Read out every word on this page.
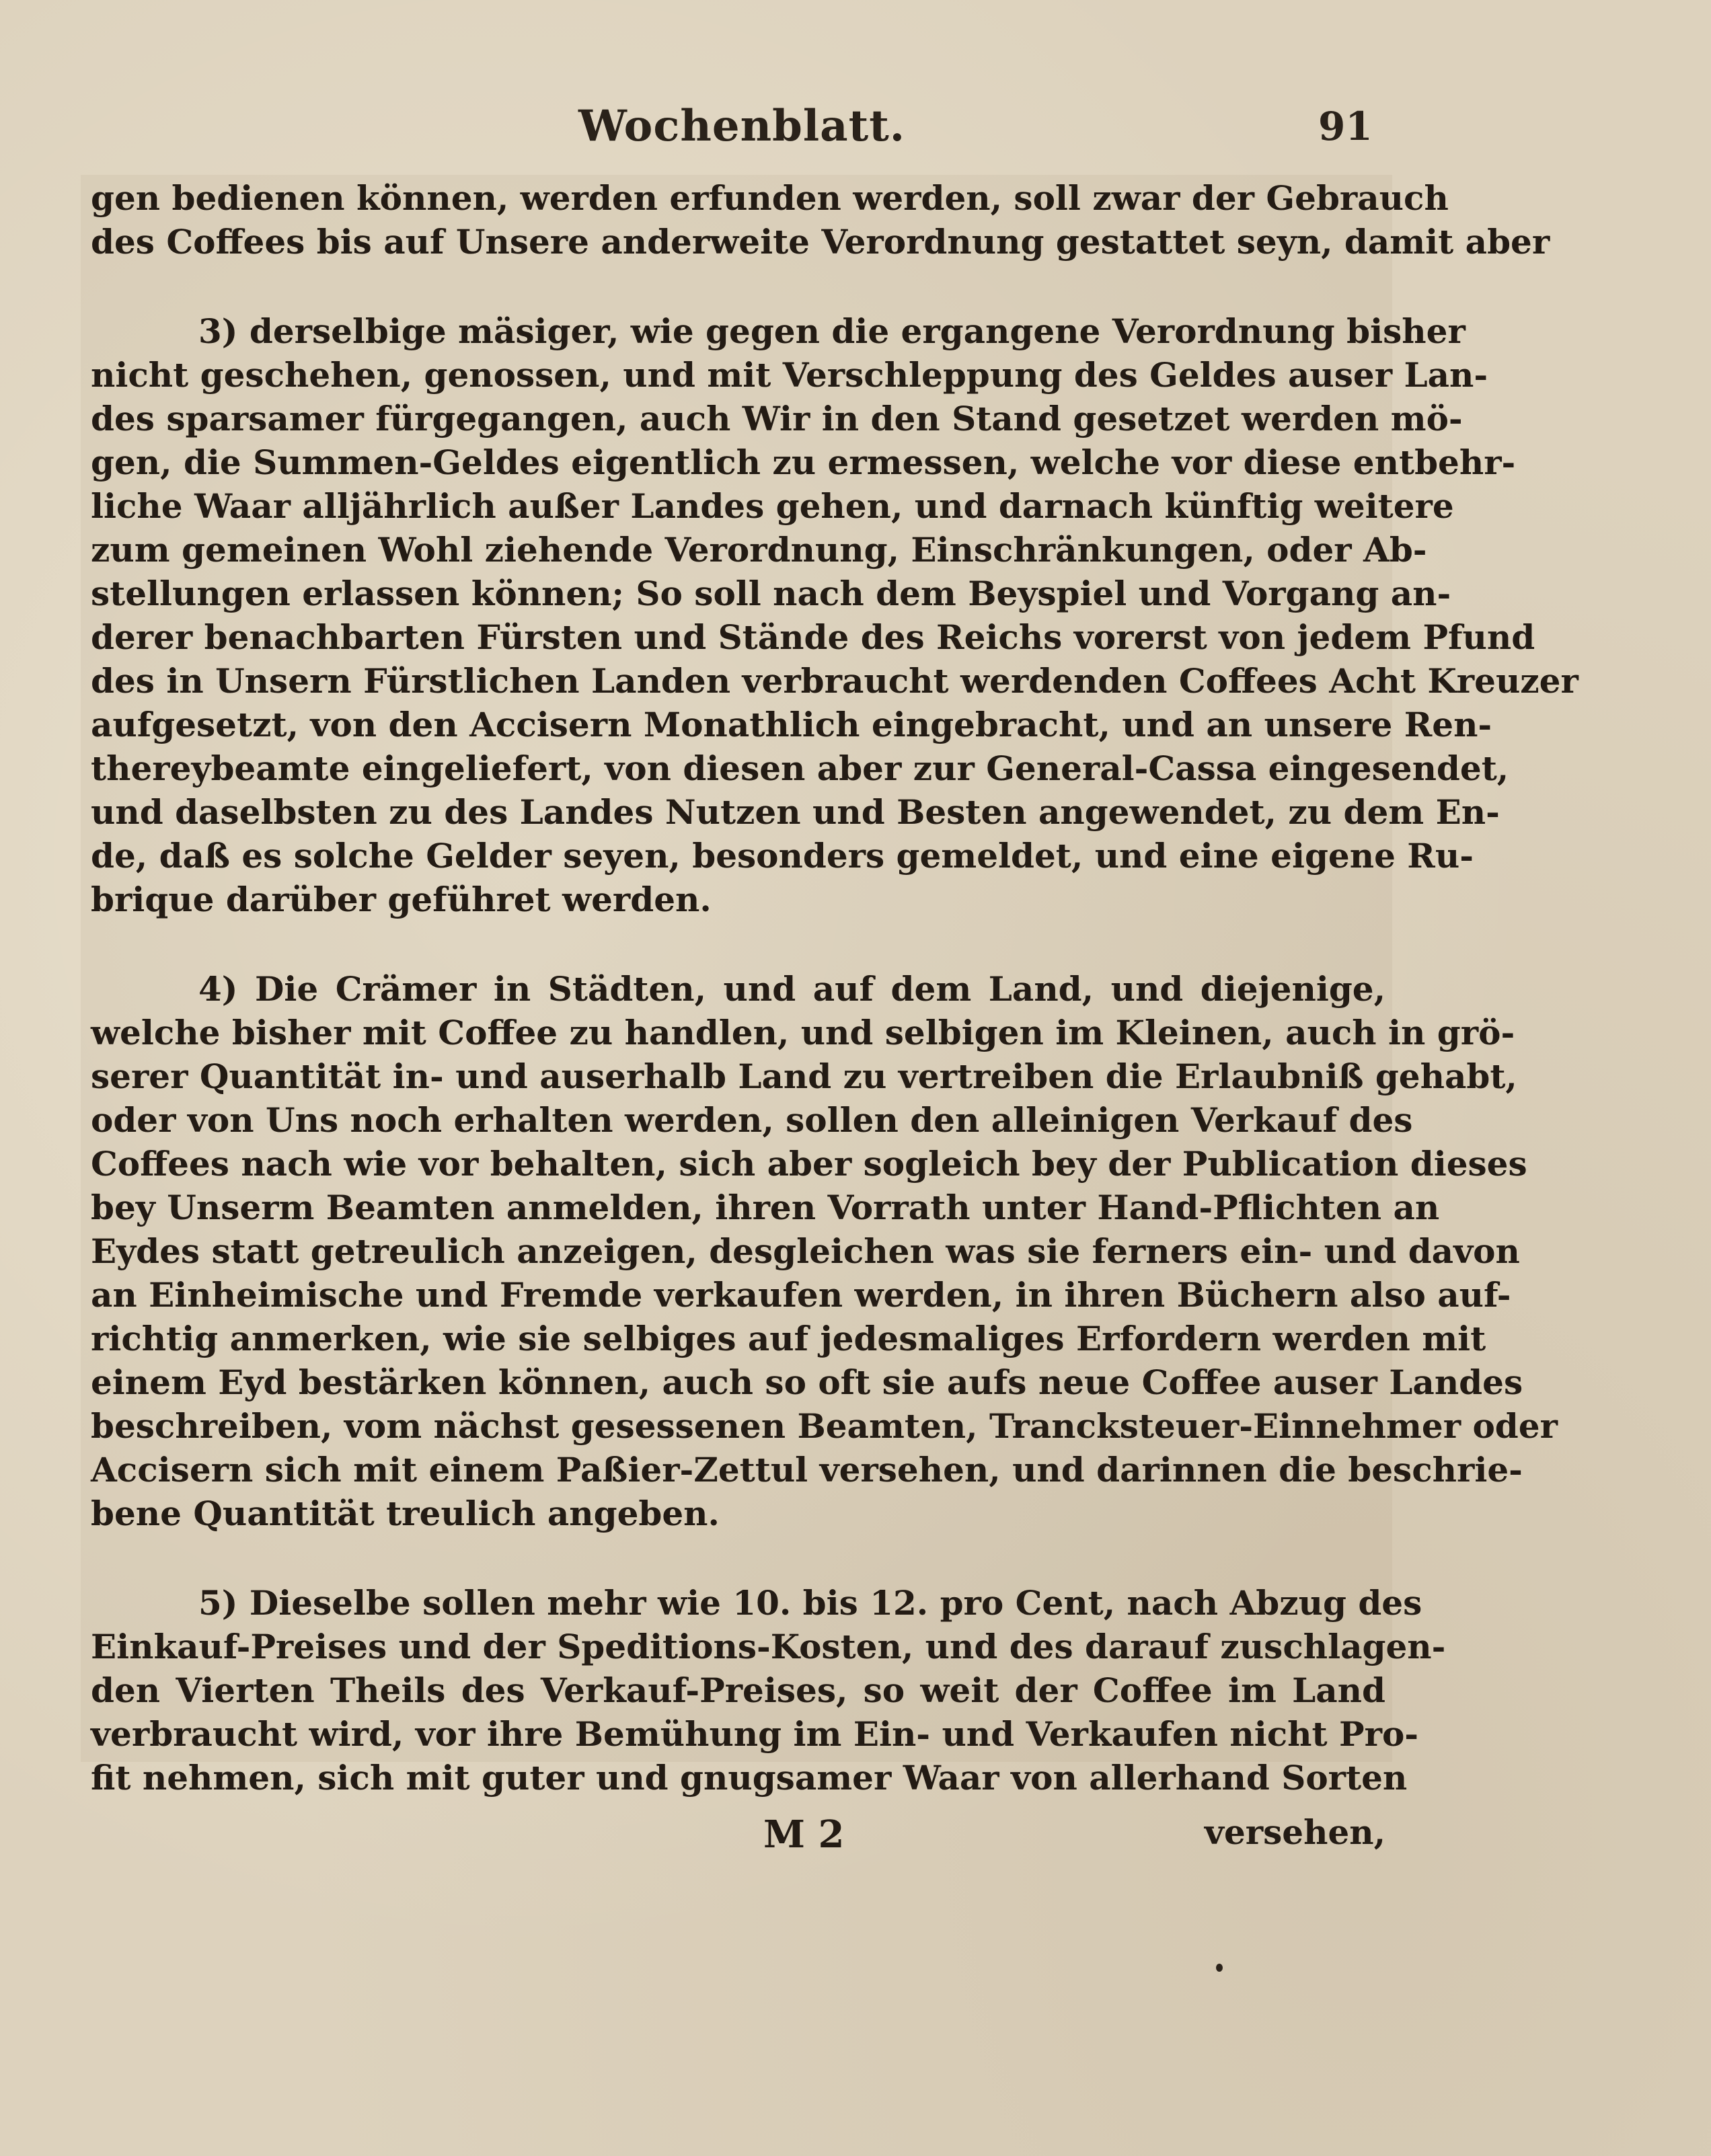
Wochenblatt.	91
gen bedienen können, werden erfunden werden, soll zwar der Gebrauch
des Coffees bis auf Unsere anderweite Verordnung gestattet seyn, damit aber
3) derselbige mäsiger, wie gegen die ergangene Verordnung bisher
nicht geschehen, genossen, und mit Verschleppung des Geldes auser Lan-
des sparsamer fürgegangen, auch Wir in den Stand gesetzet werden mö-
gen, die Summen-Geldes eigentlich zu ermessen, welche vor diese entbehr-
liche Waar alljährlich außer Landes gehen, und darnach künftig weitere
zum gemeinen Wohl ziehende Verordnung, Einschränkungen, oder Ab-
stellungen erlassen können; So soll nach dem Beyspiel und Vorgang an-
derer benachbarten Fürsten und Stände des Reichs vorerst von jedem Pfund
des in Unsern Fürstlichen Landen verbraucht werdenden Coffees Acht Kreuzer
aufgesetzt, von den Accisern Monathlich eingebracht, und an unsere Ren-
thereybeamte eingeliefert, von diesen aber zur General-Cassa eingesendet,
und daselbsten zu des Landes Nutzen und Besten angewendet, zu dem En-
de, daß es solche Gelder seyen, besonders gemeldet, und eine eigene Ru-
brique darüber geführet werden.
4) Die Crämer in Städten, und auf dem Land, und diejenige,
welche bisher mit Coffee zu handlen, und selbigen im Kleinen, auch in grö-
serer Quantität in- und auserhalb Land zu vertreiben die Erlaubniß gehabt,
oder von Uns noch erhalten werden, sollen den alleinigen Verkauf des
Coffees nach wie vor behalten, sich aber sogleich bey der Publication dieses
bey Unserm Beamten anmelden, ihren Vorrath unter Hand-Pflichten an
Eydes statt getreulich anzeigen, desgleichen was sie ferners ein- und davon
an Einheimische und Fremde verkaufen werden, in ihren Büchern also auf-
richtig anmerken, wie sie selbiges auf jedesmaliges Erfordern werden mit
einem Eyd bestärken können, auch so oft sie aufs neue Coffee auser Landes
beschreiben, vom nächst gesessenen Beamten, Trancksteuer-Einnehmer oder
Accisern sich mit einem Paßier-Zettul versehen, und darinnen die beschrie-
bene Quantität treulich angeben.
5) Dieselbe sollen mehr wie 10. bis 12. pro Cent, nach Abzug des
Einkauf-Preises und der Speditions-Kosten, und des darauf zuschlagen-
den Vierten Theils des Verkauf-Preises, so weit der Coffee im Land
verbraucht wird, vor ihre Bemühung im Ein- und Verkaufen nicht Pro-
fit nehmen, sich mit guter und gnugsamer Waar von allerhand Sorten
M 2	versehen,
